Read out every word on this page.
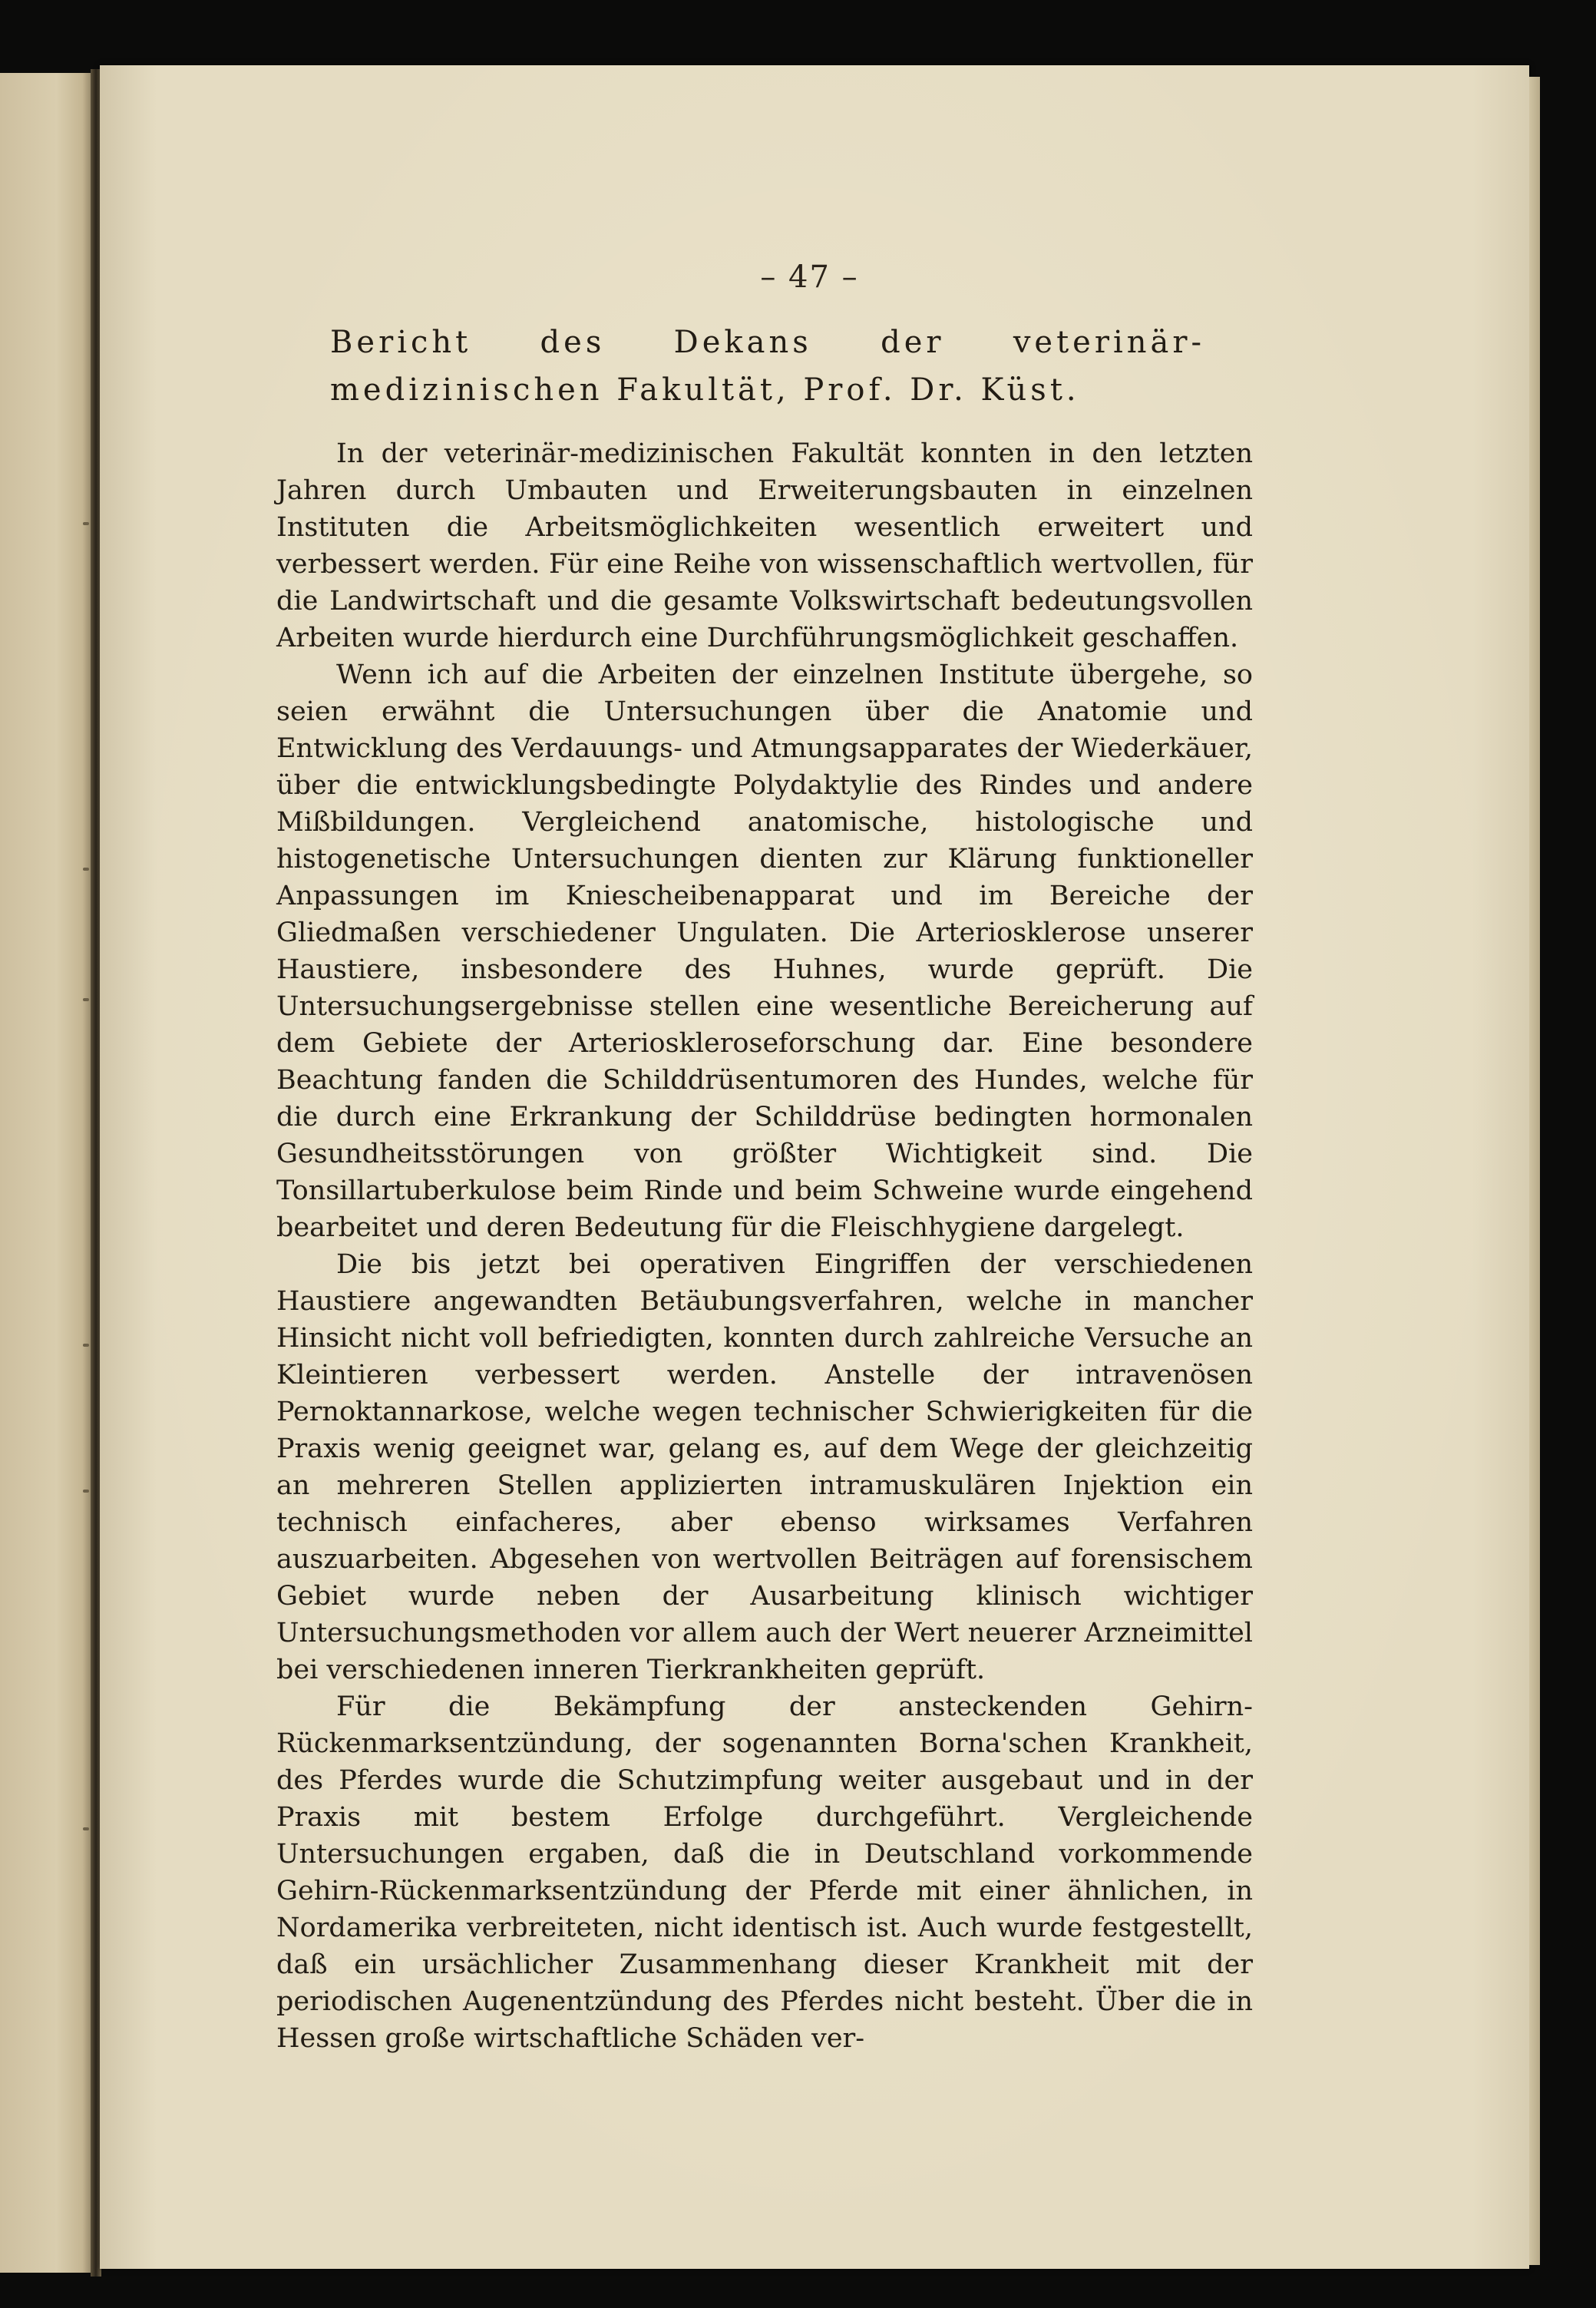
– 47 –
Bericht des Dekans der veterinär-medizinischen Fakultät, Prof. Dr. Küst.

In der veterinär-medizinischen Fakultät konnten in den letzten Jahren durch Umbauten und Erweiterungsbauten in einzelnen Instituten die Arbeitsmöglichkeiten wesentlich erweitert und verbessert werden. Für eine Reihe von wissenschaftlich wertvollen, für die Landwirtschaft und die gesamte Volkswirtschaft bedeutungsvollen Arbeiten wurde hierdurch eine Durchführungsmöglichkeit geschaffen.

Wenn ich auf die Arbeiten der einzelnen Institute übergehe, so seien erwähnt die Untersuchungen über die Anatomie und Entwicklung des Verdauungs- und Atmungsapparates der Wiederkäuer, über die entwicklungsbedingte Polydaktylie des Rindes und andere Mißbildungen. Vergleichend anatomische, histologische und histogenetische Untersuchungen dienten zur Klärung funktioneller Anpassungen im Kniescheibenapparat und im Bereiche der Gliedmaßen verschiedener Ungulaten. Die Arteriosklerose unserer Haustiere, insbesondere des Huhnes, wurde geprüft. Die Untersuchungsergebnisse stellen eine wesentliche Bereicherung auf dem Gebiete der Arterioskleroseforschung dar. Eine besondere Beachtung fanden die Schilddrüsentumoren des Hundes, welche für die durch eine Erkrankung der Schilddrüse bedingten hormonalen Gesundheitsstörungen von größter Wichtigkeit sind. Die Tonsillartuberkulose beim Rinde und beim Schweine wurde eingehend bearbeitet und deren Bedeutung für die Fleischhygiene dargelegt.

Die bis jetzt bei operativen Eingriffen der verschiedenen Haustiere angewandten Betäubungsverfahren, welche in mancher Hinsicht nicht voll befriedigten, konnten durch zahlreiche Versuche an Kleintieren verbessert werden. Anstelle der intravenösen Pernoktannarkose, welche wegen technischer Schwierigkeiten für die Praxis wenig geeignet war, gelang es, auf dem Wege der gleichzeitig an mehreren Stellen applizierten intramuskulären Injektion ein technisch einfacheres, aber ebenso wirksames Verfahren auszuarbeiten. Abgesehen von wertvollen Beiträgen auf forensischem Gebiet wurde neben der Ausarbeitung klinisch wichtiger Untersuchungsmethoden vor allem auch der Wert neuerer Arzneimittel bei verschiedenen inneren Tierkrankheiten geprüft.

Für die Bekämpfung der ansteckenden Gehirn-Rückenmarksentzündung, der sogenannten Borna'schen Krankheit, des Pferdes wurde die Schutzimpfung weiter ausgebaut und in der Praxis mit bestem Erfolge durchgeführt. Vergleichende Untersuchungen ergaben, daß die in Deutschland vorkommende Gehirn-Rückenmarksentzündung der Pferde mit einer ähnlichen, in Nordamerika verbreiteten, nicht identisch ist. Auch wurde festgestellt, daß ein ursächlicher Zusammenhang dieser Krankheit mit der periodischen Augenentzündung des Pferdes nicht besteht. Über die in Hessen große wirtschaftliche Schäden ver-
